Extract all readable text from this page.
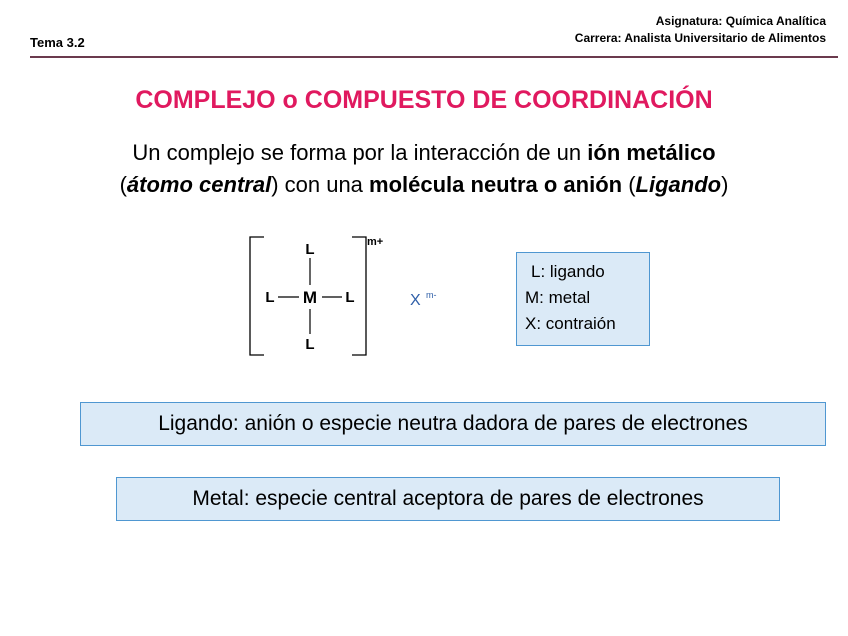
Tema 3.2
Asignatura: Química Analítica
Carrera: Analista Universitario de Alimentos
COMPLEJO o COMPUESTO DE COORDINACIÓN
Un complejo se forma por la interacción de un ión metálico
(átomo central) con una molécula neutra o anión (Ligando)
L
L M L
L
m+
X m-
L: ligando
M: metal
X: contraión
Ligando: anión o especie neutra dadora de pares de electrones
Metal: especie central aceptora de pares de electrones
